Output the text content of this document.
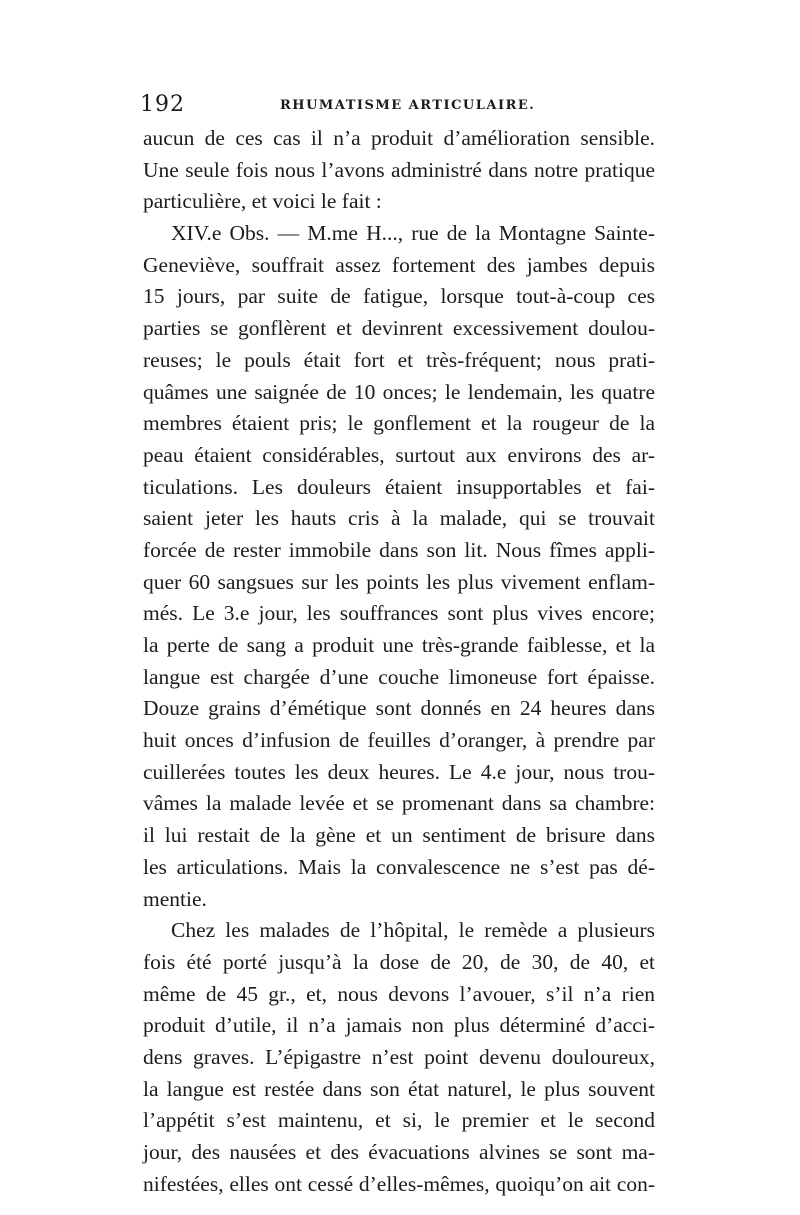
192	RHUMATISME ARTICULAIRE.
aucun de ces cas il n’a produit d’amélioration sensible.
Une seule fois nous l’avons administré dans notre pratique
particulière, et voici le fait :
XIV.e Obs. — M.me H..., rue de la Montagne Sainte-
Geneviève, souffrait assez fortement des jambes depuis
15 jours, par suite de fatigue, lorsque tout-à-coup ces
parties se gonflèrent et devinrent excessivement doulou-
reuses; le pouls était fort et très-fréquent; nous prati-
quâmes une saignée de 10 onces; le lendemain, les quatre
membres étaient pris; le gonflement et la rougeur de la
peau étaient considérables, surtout aux environs des ar-
ticulations. Les douleurs étaient insupportables et fai-
saient jeter les hauts cris à la malade, qui se trouvait
forcée de rester immobile dans son lit. Nous fîmes appli-
quer 60 sangsues sur les points les plus vivement enflam-
més. Le 3.e jour, les souffrances sont plus vives encore;
la perte de sang a produit une très-grande faiblesse, et la
langue est chargée d’une couche limoneuse fort épaisse.
Douze grains d’émétique sont donnés en 24 heures dans
huit onces d’infusion de feuilles d’oranger, à prendre par
cuillerées toutes les deux heures. Le 4.e jour, nous trou-
vâmes la malade levée et se promenant dans sa chambre:
il lui restait de la gène et un sentiment de brisure dans
les articulations. Mais la convalescence ne s’est pas dé-
mentie.
Chez les malades de l’hôpital, le remède a plusieurs
fois été porté jusqu’à la dose de 20, de 30, de 40, et
même de 45 gr., et, nous devons l’avouer, s’il n’a rien
produit d’utile, il n’a jamais non plus déterminé d’acci-
dens graves. L’épigastre n’est point devenu douloureux,
la langue est restée dans son état naturel, le plus souvent
l’appétit s’est maintenu, et si, le premier et le second
jour, des nausées et des évacuations alvines se sont ma-
nifestées, elles ont cessé d’elles-mêmes, quoiqu’on ait con-
